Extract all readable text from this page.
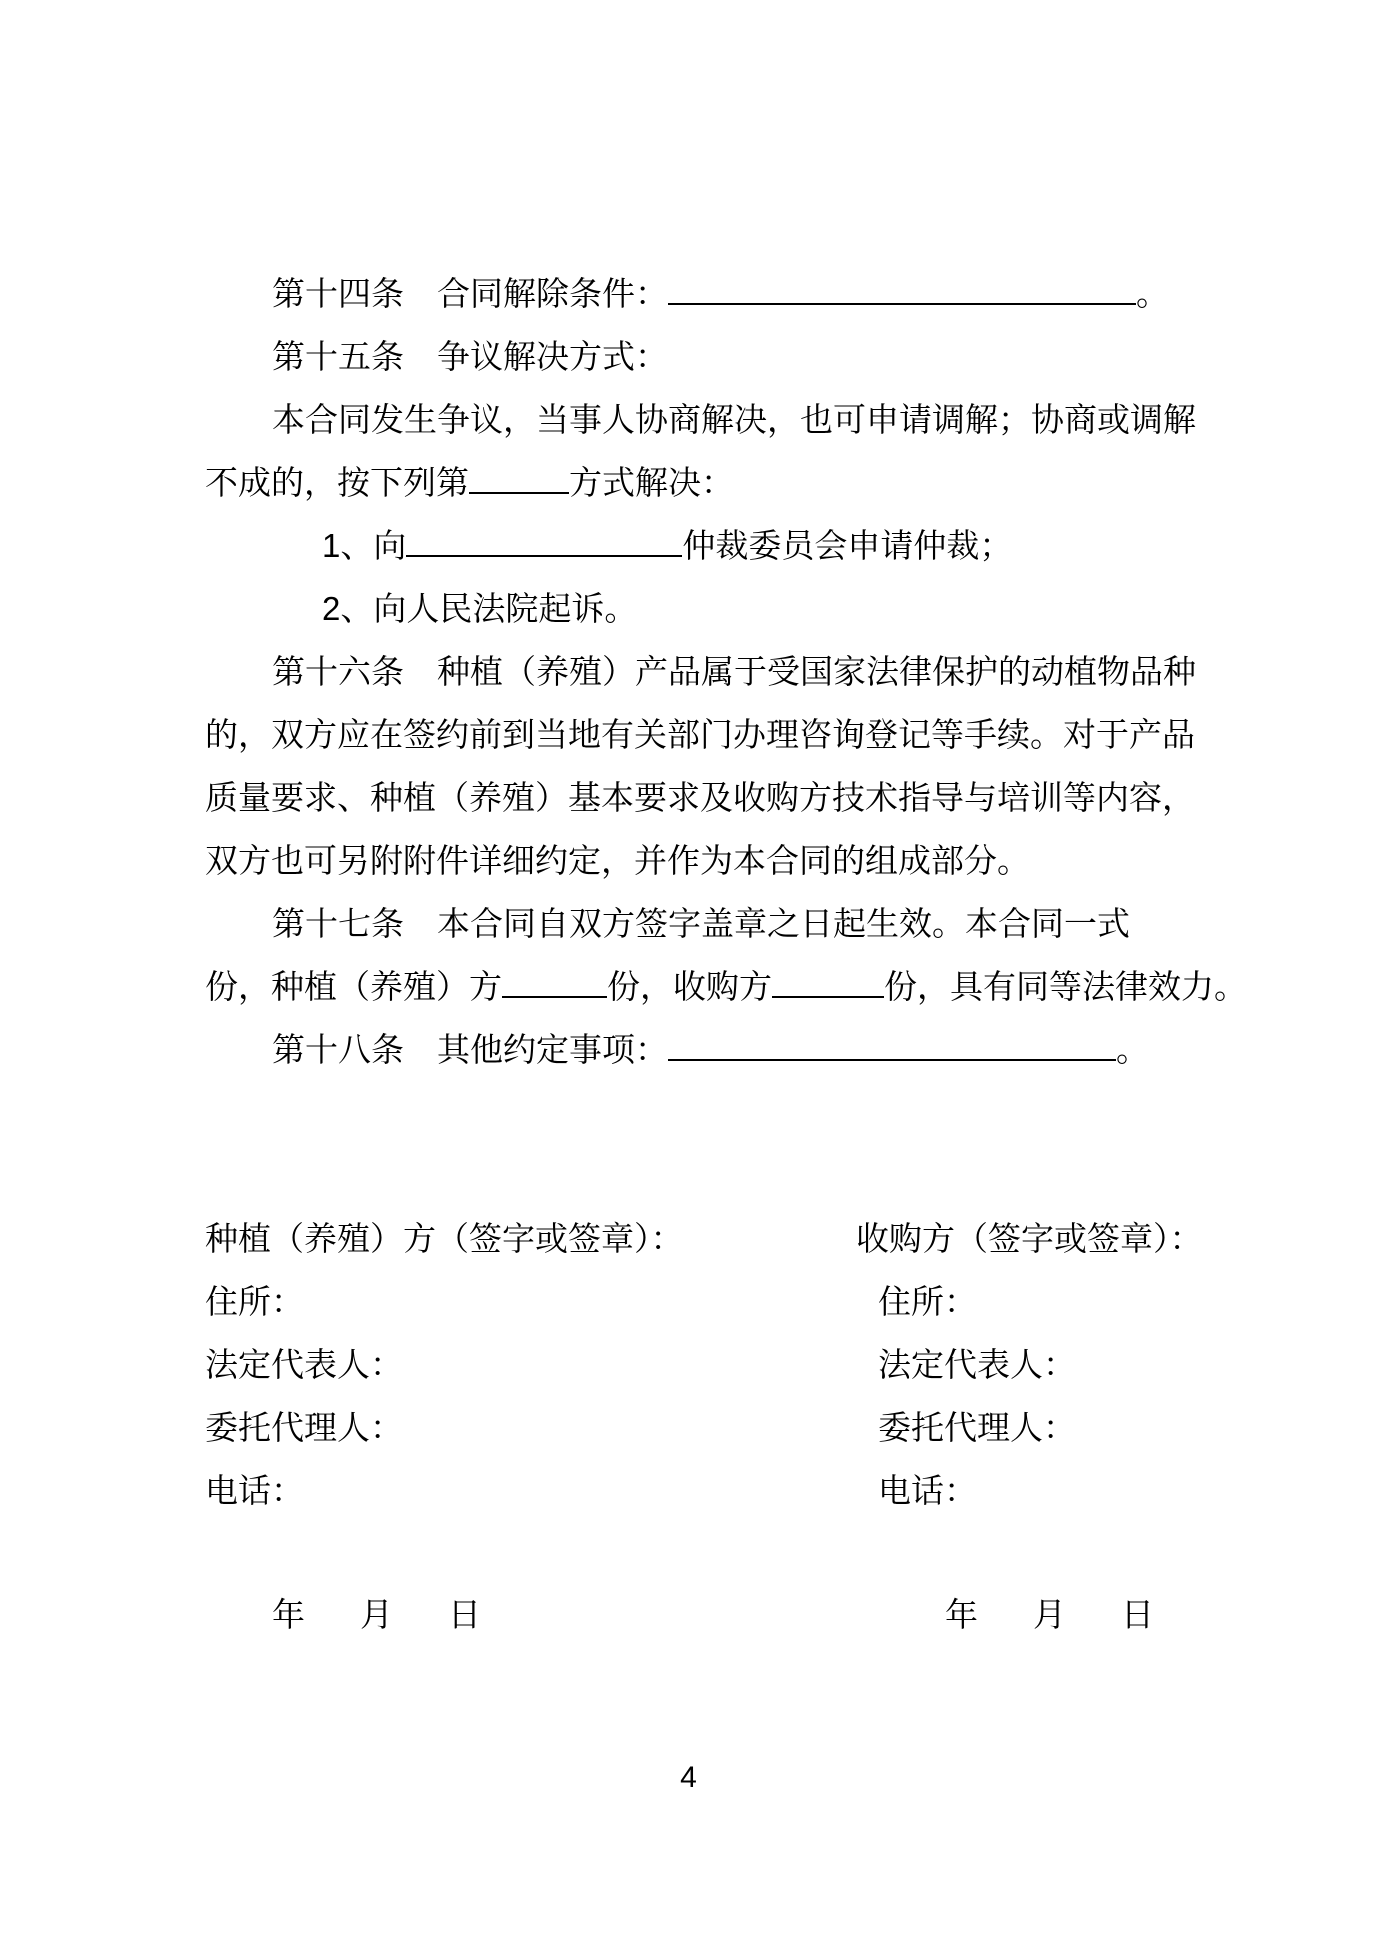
第十四条　合同解除条件：	。
第十五条　争议解决方式：
本合同发生争议，当事人协商解决，也可申请调解；协商或调解
不成的，按下列第	方式解决：
1、向	仲裁委员会申请仲裁；
2、向人民法院起诉。
第十六条　种植（养殖）产品属于受国家法律保护的动植物品种
的，双方应在签约前到当地有关部门办理咨询登记等手续。对于产品
质量要求、种植（养殖）基本要求及收购方技术指导与培训等内容，
双方也可另附附件详细约定，并作为本合同的组成部分。
第十七条　本合同自双方签字盖章之日起生效。本合同一式
份，种植（养殖）方	份，收购方	份，具有同等法律效力。
第十八条　其他约定事项：	。
种植（养殖）方（签字或签章）：	收购方（签字或签章）：
住所：	住所：
法定代表人：	法定代表人：
委托代理人：	委托代理人：
电话：	电话：
年 月 日	年 月 日
4
